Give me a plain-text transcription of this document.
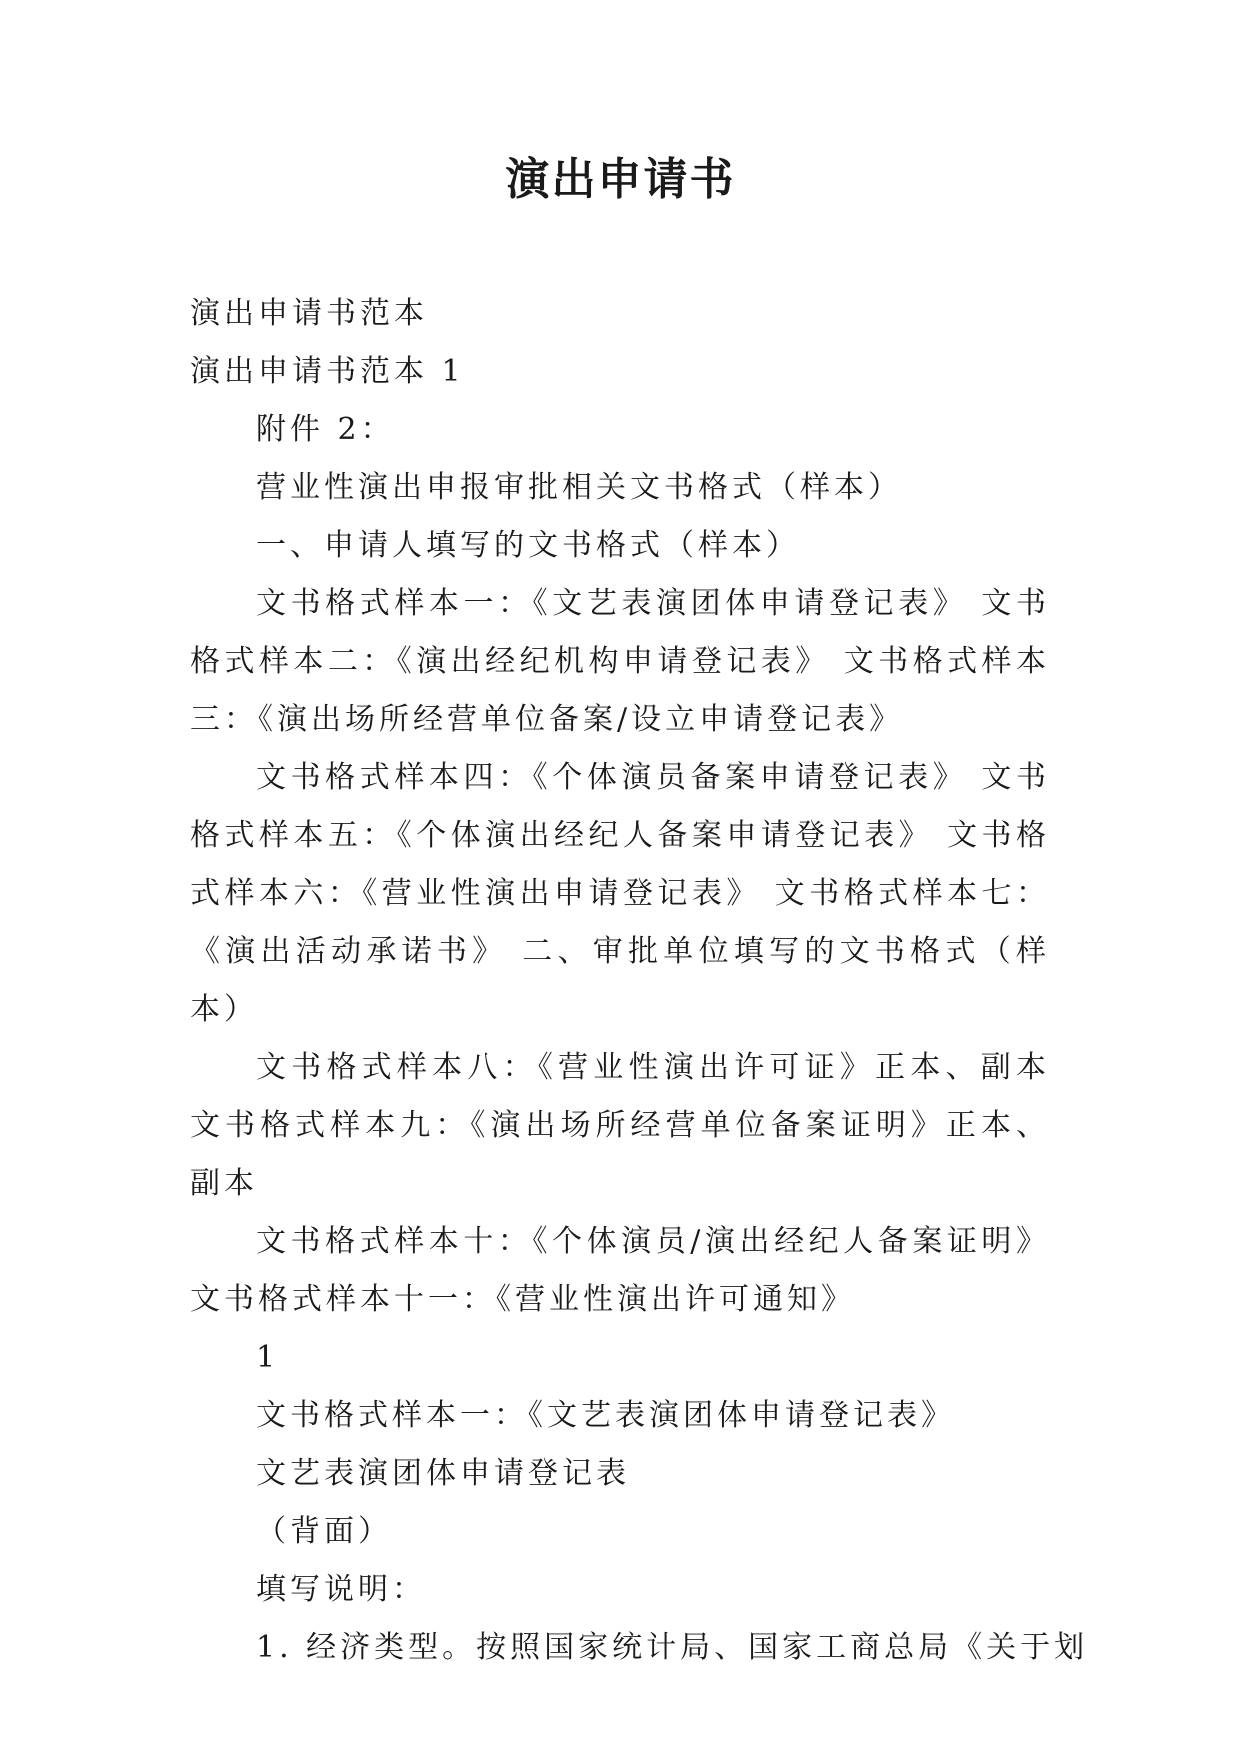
演出申请书
演出申请书范本
演出申请书范本 1
附件 2：
营业性演出申报审批相关文书格式（样本）
一、申请人填写的文书格式（样本）
文书格式样本一：《文艺表演团体申请登记表》 文书格式样本二：《演出经纪机构申请登记表》 文书格式样本三：《演出场所经营单位备案/设立申请登记表》
文书格式样本四：《个体演员备案申请登记表》 文书格式样本五：《个体演出经纪人备案申请登记表》 文书格式样本六：《营业性演出申请登记表》 文书格式样本七：《演出活动承诺书》 二、审批单位填写的文书格式（样本）
文书格式样本八：《营业性演出许可证》正本、副本 文书格式样本九：《演出场所经营单位备案证明》正本、副本
文书格式样本十：《个体演员/演出经纪人备案证明》文书格式样本十一：《营业性演出许可通知》
1
文书格式样本一：《文艺表演团体申请登记表》
文艺表演团体申请登记表
（背面）
填写说明：
1. 经济类型。按照国家统计局、国家工商总局《关于划
